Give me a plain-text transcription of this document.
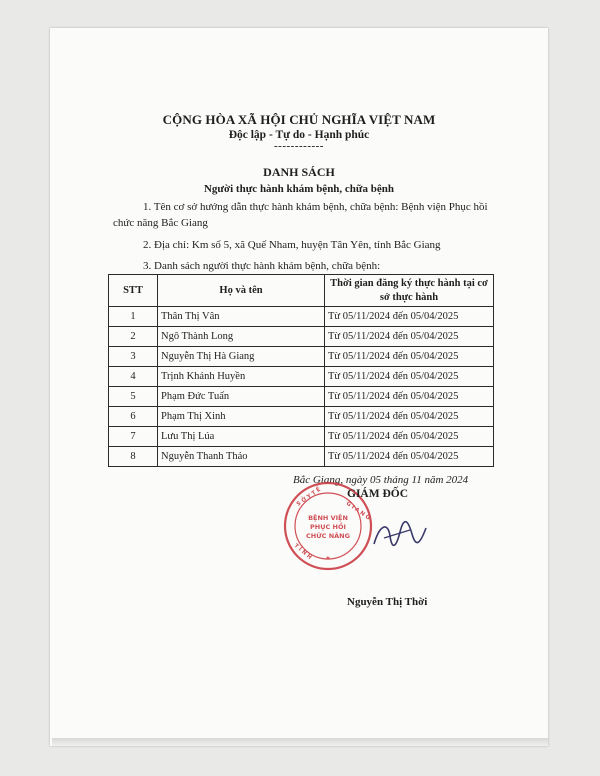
CỘNG HÒA XÃ HỘI CHỦ NGHĨA VIỆT NAM
Độc lập - Tự do - Hạnh phúc
------------
DANH SÁCH
Người thực hành khám bệnh, chữa bệnh
1. Tên cơ sở hướng dẫn thực hành khám bệnh, chữa bệnh: Bệnh viện Phục hồi chức năng Bắc Giang
2. Địa chỉ: Km số 5, xã Quế Nham, huyện Tân Yên, tỉnh Bắc Giang
3. Danh sách người thực hành khám bệnh, chữa bệnh:
STT	Họ và tên	Thời gian đăng ký thực hành tại cơ sở thực hành
1	Thân Thị Vân	Từ 05/11/2024 đến 05/04/2025
2	Ngô Thành Long	Từ 05/11/2024 đến 05/04/2025
3	Nguyễn Thị Hà Giang	Từ 05/11/2024 đến 05/04/2025
4	Trịnh Khánh Huyền	Từ 05/11/2024 đến 05/04/2025
5	Phạm Đức Tuấn	Từ 05/11/2024 đến 05/04/2025
6	Phạm Thị Xinh	Từ 05/11/2024 đến 05/04/2025
7	Lưu Thị Lúa	Từ 05/11/2024 đến 05/04/2025
8	Nguyễn Thanh Thảo	Từ 05/11/2024 đến 05/04/2025
Bắc Giang, ngày 05 tháng 11 năm 2024
S Ở Y T Ế
G I A N G
T Ỉ N H
BỆNH VIỆN
PHỤC HỒI
CHỨC NĂNG
★
GIÁM ĐỐC
Nguyễn Thị Thời
